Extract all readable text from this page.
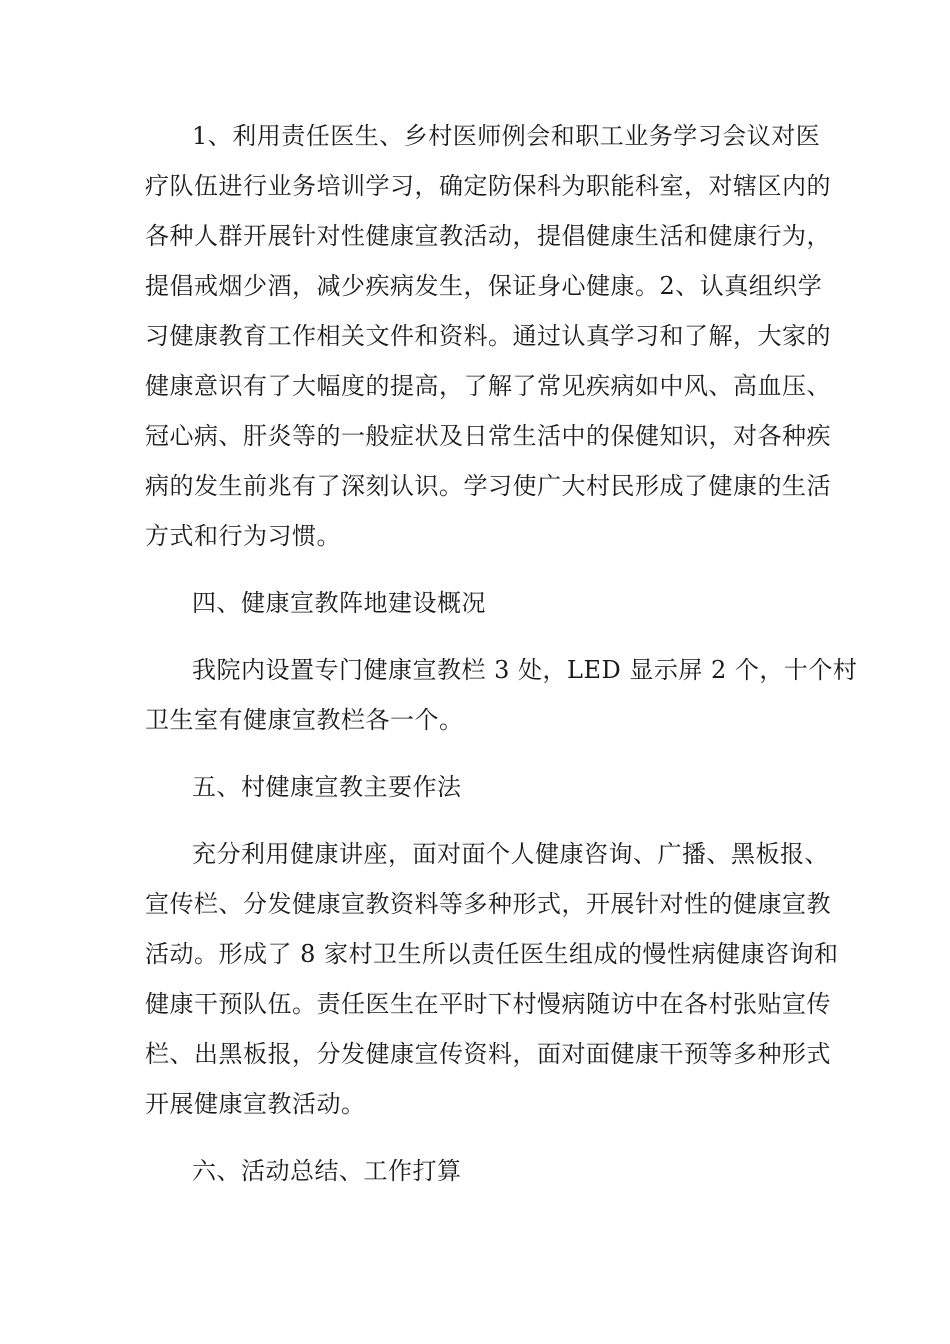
1、利用责任医生、乡村医师例会和职工业务学习会议对医
疗队伍进行业务培训学习，确定防保科为职能科室，对辖区内的
各种人群开展针对性健康宣教活动，提倡健康生活和健康行为，
提倡戒烟少酒，减少疾病发生，保证身心健康。2、认真组织学
习健康教育工作相关文件和资料。通过认真学习和了解，大家的
健康意识有了大幅度的提高，了解了常见疾病如中风、高血压、
冠心病、肝炎等的一般症状及日常生活中的保健知识，对各种疾
病的发生前兆有了深刻认识。学习使广大村民形成了健康的生活
方式和行为习惯。
四、健康宣教阵地建设概况
我院内设置专门健康宣教栏 3 处，LED 显示屏 2 个，十个村
卫生室有健康宣教栏各一个。
五、村健康宣教主要作法
充分利用健康讲座，面对面个人健康咨询、广播、黑板报、
宣传栏、分发健康宣教资料等多种形式，开展针对性的健康宣教
活动。形成了 8 家村卫生所以责任医生组成的慢性病健康咨询和
健康干预队伍。责任医生在平时下村慢病随访中在各村张贴宣传
栏、出黑板报，分发健康宣传资料，面对面健康干预等多种形式
开展健康宣教活动。
六、活动总结、工作打算
